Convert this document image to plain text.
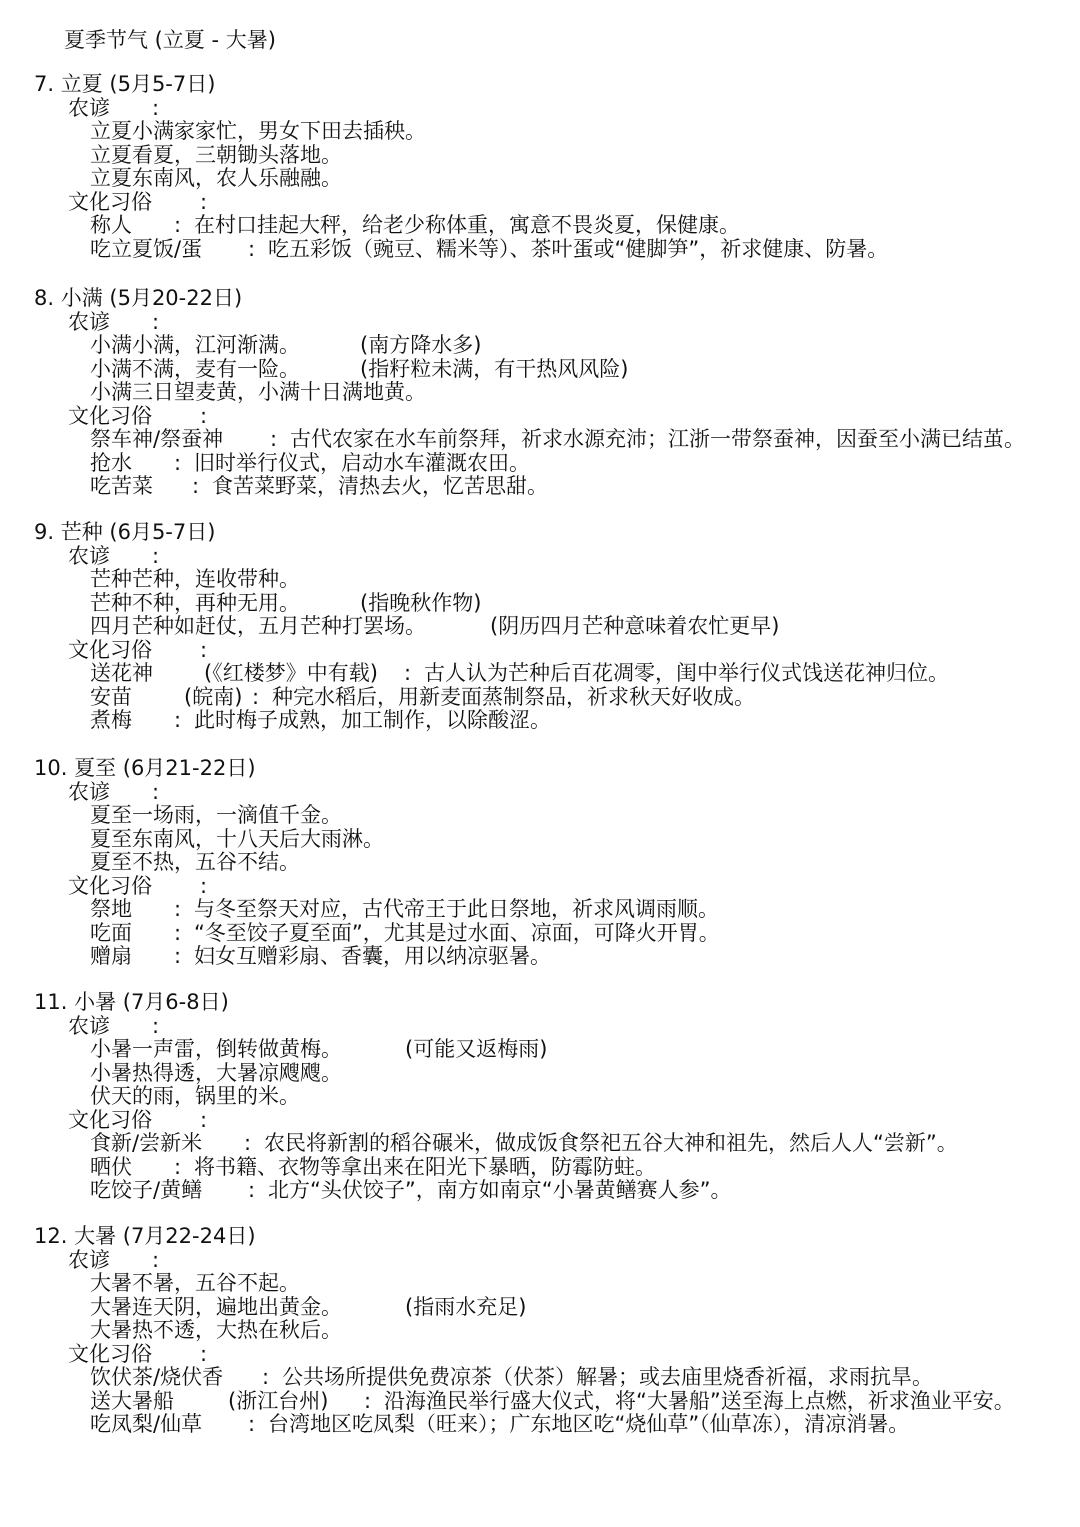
夏季节气 (立夏 - 大暑)
7. 立夏 (5月5-7日)
农谚 :
立夏小满家家忙，男女下田去插秧。
立夏看夏，三朝锄头落地。
立夏东南风，农人乐融融。
文化习俗 :
称人 : 在村口挂起大秤，给老少称体重，寓意不畏炎夏，保健康。
吃立夏饭/蛋 : 吃五彩饭（豌豆、糯米等）、茶叶蛋或“健脚笋”，祈求健康、防暑。
8. 小满 (5月20-22日)
农谚 :
小满小满，江河渐满。	(南方降水多)
小满不满，麦有一险。	(指籽粒未满，有干热风风险)
小满三日望麦黄，小满十日满地黄。
文化习俗 :
祭车神/祭蚕神 : 古代农家在水车前祭拜，祈求水源充沛；江浙一带祭蚕神，因蚕至小满已结茧。
抢水 : 旧时举行仪式，启动水车灌溉农田。
吃苦菜 : 食苦菜野菜，清热去火，忆苦思甜。
9. 芒种 (6月5-7日)
农谚 :
芒种芒种，连收带种。
芒种不种，再种无用。	(指晚秋作物)
四月芒种如赶仗，五月芒种打罢场。	(阴历四月芒种意味着农忙更早)
文化习俗 :
送花神 (《红楼梦》中有载) : 古人认为芒种后百花凋零，闺中举行仪式饯送花神归位。
安苗 (皖南) : 种完水稻后，用新麦面蒸制祭品，祈求秋天好收成。
煮梅 : 此时梅子成熟，加工制作，以除酸涩。
10. 夏至 (6月21-22日)
农谚 :
夏至一场雨，一滴值千金。
夏至东南风，十八天后大雨淋。
夏至不热，五谷不结。
文化习俗 :
祭地 : 与冬至祭天对应，古代帝王于此日祭地，祈求风调雨顺。
吃面 : “冬至饺子夏至面”，尤其是过水面、凉面，可降火开胃。
赠扇 : 妇女互赠彩扇、香囊，用以纳凉驱暑。
11. 小暑 (7月6-8日)
农谚 :
小暑一声雷，倒转做黄梅。	(可能又返梅雨)
小暑热得透，大暑凉飕飕。
伏天的雨，锅里的米。
文化习俗 :
食新/尝新米 : 农民将新割的稻谷碾米，做成饭食祭祀五谷大神和祖先，然后人人“尝新”。
晒伏 : 将书籍、衣物等拿出来在阳光下暴晒，防霉防蛀。
吃饺子/黄鳝 : 北方“头伏饺子”，南方如南京“小暑黄鳝赛人参”。
12. 大暑 (7月22-24日)
农谚 :
大暑不暑，五谷不起。
大暑连天阴，遍地出黄金。	(指雨水充足)
大暑热不透，大热在秋后。
文化习俗 :
饮伏茶/烧伏香 : 公共场所提供免费凉茶（伏茶）解暑；或去庙里烧香祈福，求雨抗旱。
送大暑船	(浙江台州) : 沿海渔民举行盛大仪式，将“大暑船”送至海上点燃，祈求渔业平安。
吃凤梨/仙草 : 台湾地区吃凤梨（旺来）；广东地区吃“烧仙草”（仙草冻），清凉消暑。
